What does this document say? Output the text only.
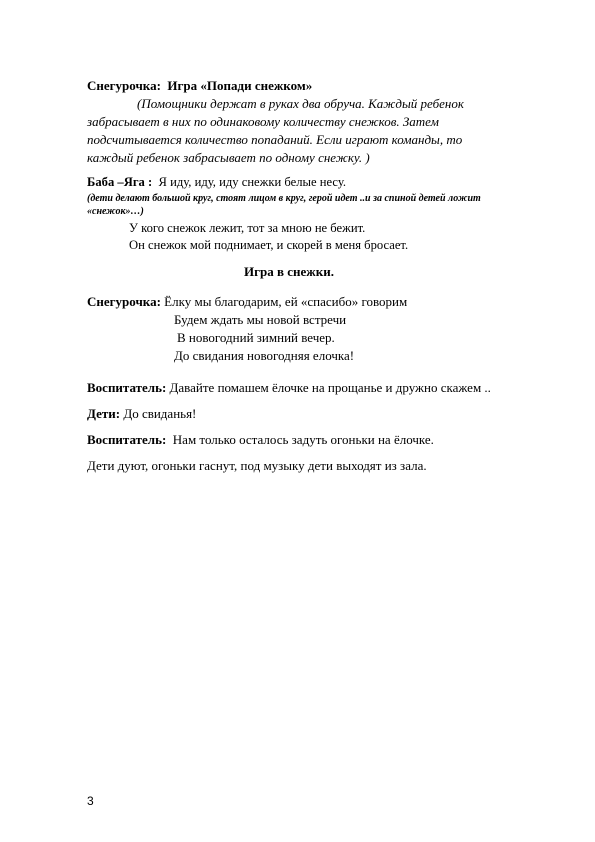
Снегурочка: Игра «Попади снежком»
(Помощники держат в руках два обруча. Каждый ребенок
забрасывает в них по одинаковому количеству снежков. Затем
подсчитывается количество попаданий. Если играют команды, то
каждый ребенок забрасывает по одному снежку. )
Баба –Яга : Я иду, иду, иду снежки белые несу.
(дети делают большой круг, стоят лицом в круг, герой идет ..и за спиной детей ложит
«снежок»…)
У кого снежок лежит, тот за мною не бежит.
Он снежок мой поднимает, и скорей в меня бросает.
Игра в снежки.
Снегурочка: Ёлку мы благодарим, ей «спасибо» говорим
Будем ждать мы новой встречи
В новогодний зимний вечер.
До свидания новогодняя елочка!
Воспитатель: Давайте помашем ёлочке на прощанье и дружно скажем ..
Дети: До свиданья!
Воспитатель: Нам только осталось задуть огоньки на ёлочке.
Дети дуют, огоньки гаснут, под музыку дети выходят из зала.
3
